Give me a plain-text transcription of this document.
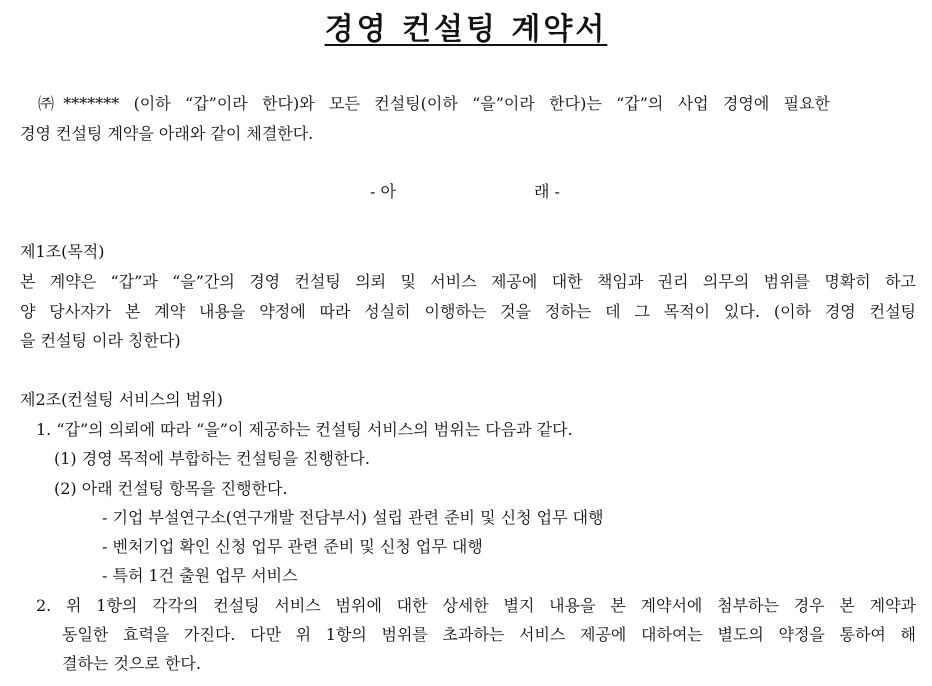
경영 컨설팅 계약서
㈜******* (이하 “갑”이라 한다)와 모든 컨설팅(이하 “을”이라 한다)는 “갑”의 사업 경영에 필요한
경영 컨설팅 계약을 아래와 같이 체결한다.
- 아	래 -
제1조(목적)
본 계약은 “갑”과 “을”간의 경영 컨설팅 의뢰 및 서비스 제공에 대한 책임과 권리 의무의 범위를 명확히 하고
양 당사자가 본 계약 내용을 약정에 따라 성실히 이행하는 것을 정하는 데 그 목적이 있다. (이하 경영 컨설팅
을 컨설팅 이라 칭한다)
제2조(컨설팅 서비스의 범위)
1. “갑”의 의뢰에 따라 “을”이 제공하는 컨설팅 서비스의 범위는 다음과 같다.
(1) 경영 목적에 부합하는 컨설팅을 진행한다.
(2) 아래 컨설팅 항목을 진행한다.
- 기업 부설연구소(연구개발 전담부서) 설립 관련 준비 및 신청 업무 대행
- 벤처기업 확인 신청 업무 관련 준비 및 신청 업무 대행
- 특허 1건 출원 업무 서비스
2. 위 1항의 각각의 컨설팅 서비스 범위에 대한 상세한 별지 내용을 본 계약서에 첨부하는 경우 본 계약과
동일한 효력을 가진다. 다만 위 1항의 범위를 초과하는 서비스 제공에 대하여는 별도의 약정을 통하여 해
결하는 것으로 한다.
